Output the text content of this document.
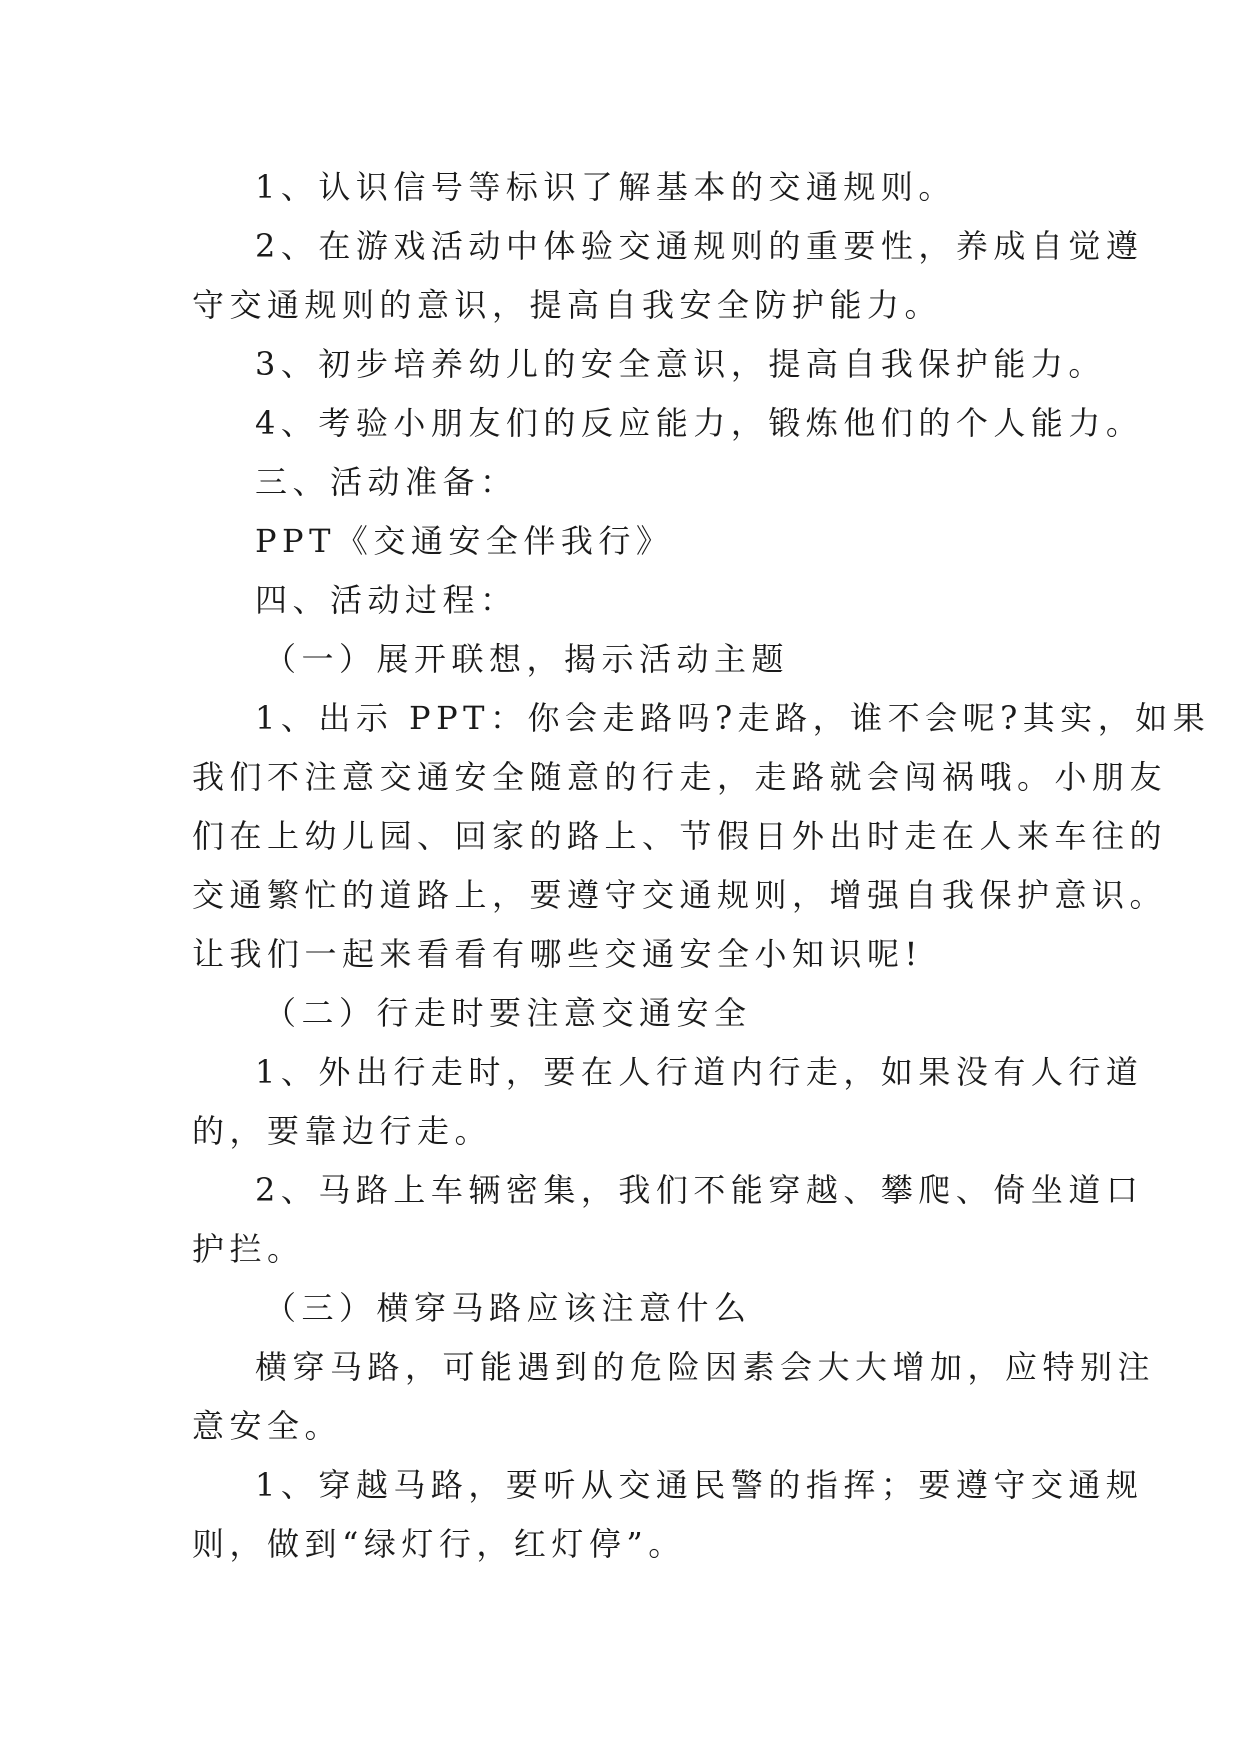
1、认识信号等标识了解基本的交通规则。
2、在游戏活动中体验交通规则的重要性，养成自觉遵
守交通规则的意识，提高自我安全防护能力。
3、初步培养幼儿的安全意识，提高自我保护能力。
4、考验小朋友们的反应能力，锻炼他们的个人能力。
三、活动准备：
PPT《交通安全伴我行》
四、活动过程：
（一）展开联想，揭示活动主题
1、出示 PPT：你会走路吗?走路，谁不会呢?其实，如果
我们不注意交通安全随意的行走，走路就会闯祸哦。小朋友
们在上幼儿园、回家的路上、节假日外出时走在人来车往的
交通繁忙的道路上，要遵守交通规则，增强自我保护意识。
让我们一起来看看有哪些交通安全小知识呢!
（二）行走时要注意交通安全
1、外出行走时，要在人行道内行走，如果没有人行道
的，要靠边行走。
2、马路上车辆密集，我们不能穿越、攀爬、倚坐道口
护拦。
（三）横穿马路应该注意什么
横穿马路，可能遇到的危险因素会大大增加，应特别注
意安全。
1、穿越马路，要听从交通民警的指挥；要遵守交通规
则，做到“绿灯行，红灯停”。
